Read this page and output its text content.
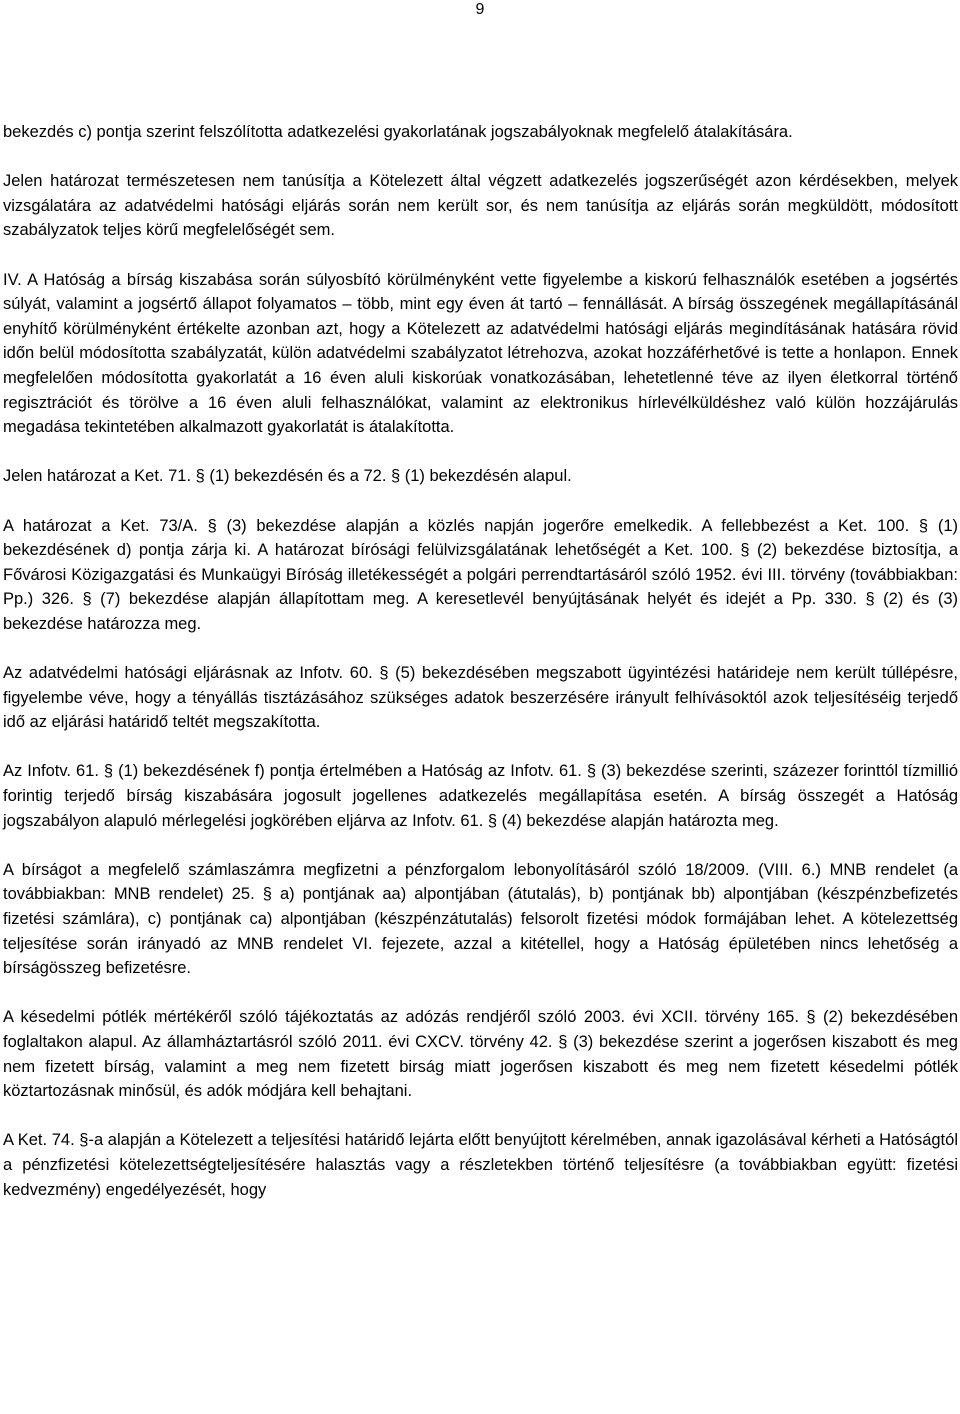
9

bekezdés c) pontja szerint felszólította adatkezelési gyakorlatának jogszabályoknak megfelelő átalakítására.

Jelen határozat természetesen nem tanúsítja a Kötelezett által végzett adatkezelés jogszerűségét azon kérdésekben, melyek vizsgálatára az adatvédelmi hatósági eljárás során nem került sor, és nem tanúsítja az eljárás során megküldött, módosított szabályzatok teljes körű megfelelőségét sem.

IV. A Hatóság a bírság kiszabása során súlyosbító körülményként vette figyelembe a kiskorú felhasználók esetében a jogsértés súlyát, valamint a jogsértő állapot folyamatos – több, mint egy éven át tartó – fennállását. A bírság összegének megállapításánál enyhítő körülményként értékelte azonban azt, hogy a Kötelezett az adatvédelmi hatósági eljárás megindításának hatására rövid időn belül módosította szabályzatát, külön adatvédelmi szabályzatot létrehozva, azokat hozzáférhetővé is tette a honlapon. Ennek megfelelően módosította gyakorlatát a 16 éven aluli kiskorúak vonatkozásában, lehetetlenné téve az ilyen életkorral történő regisztrációt és törölve a 16 éven aluli felhasználókat, valamint az elektronikus hírlevélküldéshez való külön hozzájárulás megadása tekintetében alkalmazott gyakorlatát is átalakította.

Jelen határozat a Ket. 71. § (1) bekezdésén és a 72. § (1) bekezdésén alapul.

A határozat a Ket. 73/A. § (3) bekezdése alapján a közlés napján jogerőre emelkedik. A fellebbezést a Ket. 100. § (1) bekezdésének d) pontja zárja ki. A határozat bírósági felülvizsgálatának lehetőségét a Ket. 100. § (2) bekezdése biztosítja, a Fővárosi Közigazgatási és Munkaügyi Bíróság illetékességét a polgári perrendtartásáról szóló 1952. évi III. törvény (továbbiakban: Pp.) 326. § (7) bekezdése alapján állapítottam meg. A keresetlevél benyújtásának helyét és idejét a Pp. 330. § (2) és (3) bekezdése határozza meg.

Az adatvédelmi hatósági eljárásnak az Infotv. 60. § (5) bekezdésében megszabott ügyintézési határideje nem került túllépésre, figyelembe véve, hogy a tényállás tisztázásához szükséges adatok beszerzésére irányult felhívásoktól azok teljesítéséig terjedő idő az eljárási határidő teltét megszakította.

Az Infotv. 61. § (1) bekezdésének f) pontja értelmében a Hatóság az Infotv. 61. § (3) bekezdése szerinti, százezer forinttól tízmillió forintig terjedő bírság kiszabására jogosult jogellenes adatkezelés megállapítása esetén. A bírság összegét a Hatóság jogszabályon alapuló mérlegelési jogkörében eljárva az Infotv. 61. § (4) bekezdése alapján határozta meg.

A bírságot a megfelelő számlaszámra megfizetni a pénzforgalom lebonyolításáról szóló 18/2009. (VIII. 6.) MNB rendelet (a továbbiakban: MNB rendelet) 25. § a) pontjának aa) alpontjában (átutalás), b) pontjának bb) alpontjában (készpénzbefizetés fizetési számlára), c) pontjának ca) alpontjában (készpénzátutalás) felsorolt fizetési módok formájában lehet. A kötelezettség teljesítése során irányadó az MNB rendelet VI. fejezete, azzal a kitétellel, hogy a Hatóság épületében nincs lehetőség a bírságösszeg befizetésre.

A késedelmi pótlék mértékéről szóló tájékoztatás az adózás rendjéről szóló 2003. évi XCII. törvény 165. § (2) bekezdésében foglaltakon alapul. Az államháztartásról szóló 2011. évi CXCV. törvény 42. § (3) bekezdése szerint a jogerősen kiszabott és meg nem fizetett bírság, valamint a meg nem fizetett birság miatt jogerősen kiszabott és meg nem fizetett késedelmi pótlék köztartozásnak minősül, és adók módjára kell behajtani.

A Ket. 74. §-a alapján a Kötelezett a teljesítési határidő lejárta előtt benyújtott kérelmében, annak igazolásával kérheti a Hatóságtól a pénzfizetési kötelezettségteljesítésére halasztás vagy a részletekben történő teljesítésre (a továbbiakban együtt: fizetési kedvezmény) engedélyezését, hogy
